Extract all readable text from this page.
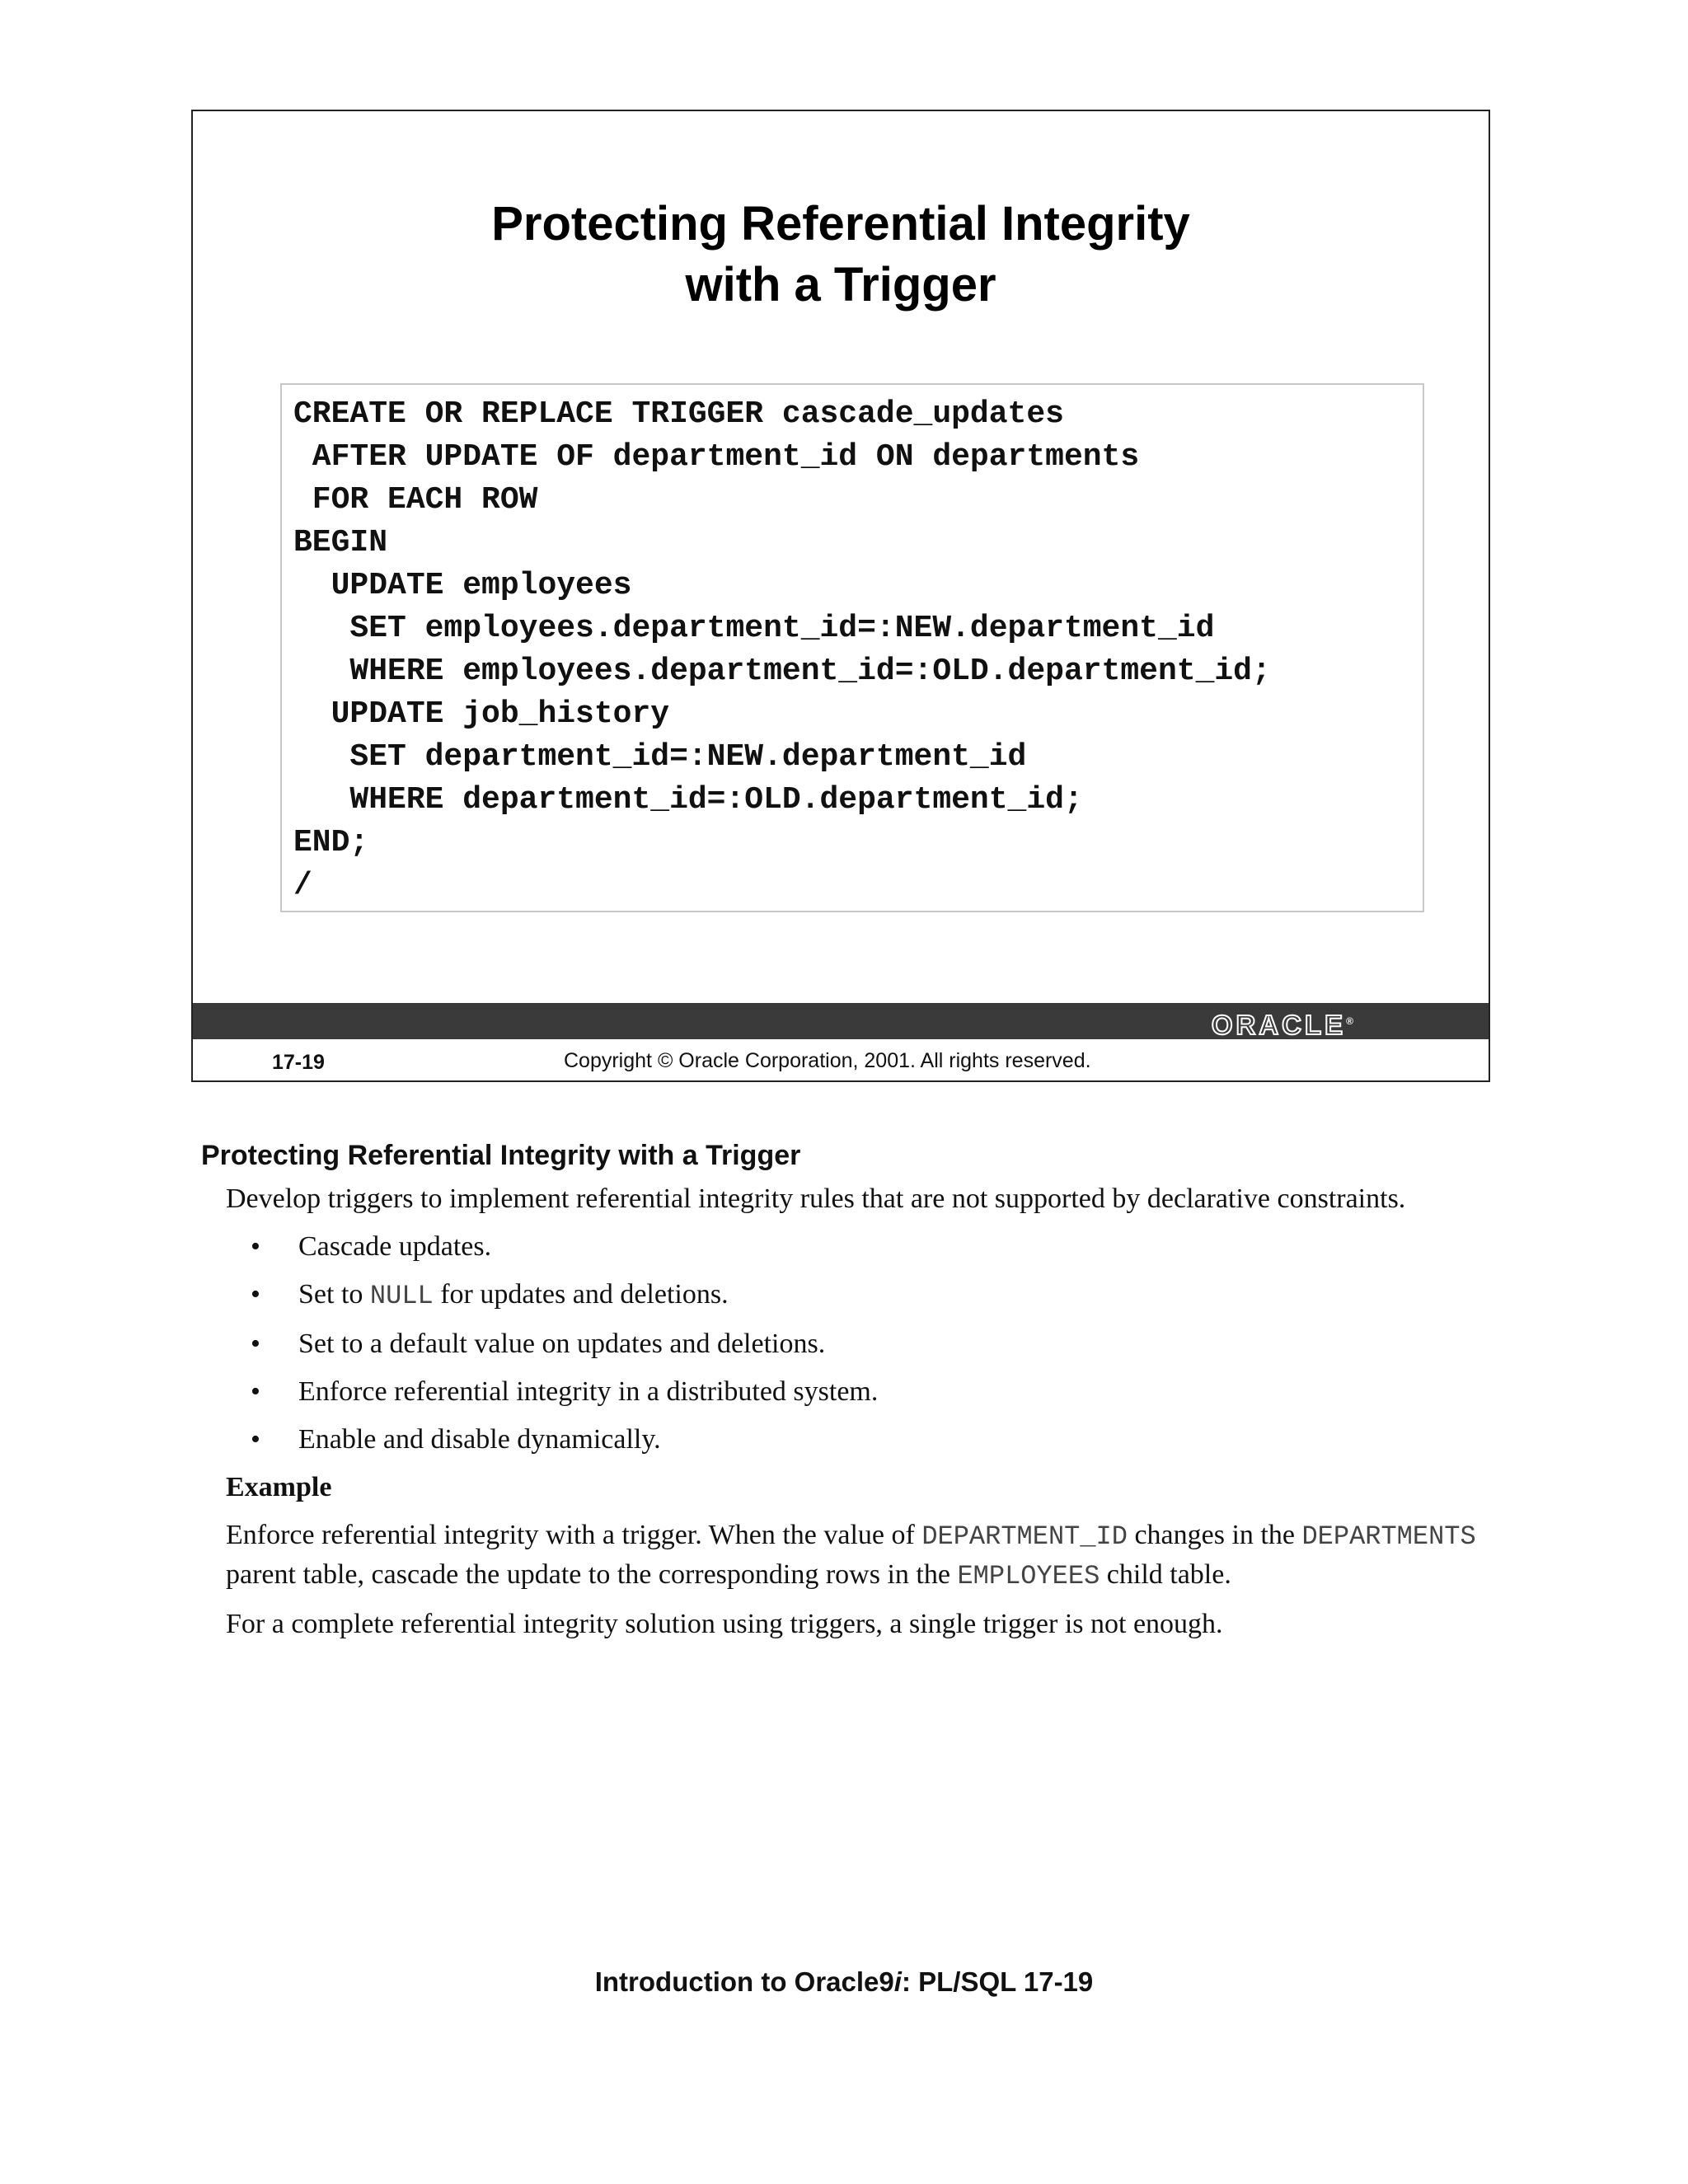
Protecting Referential Integrity
with a Trigger
CREATE OR REPLACE TRIGGER cascade_updates
AFTER UPDATE OF department_id ON departments
FOR EACH ROW
BEGIN
UPDATE employees
SET employees.department_id=:NEW.department_id
WHERE employees.department_id=:OLD.department_id;
UPDATE job_history
SET department_id=:NEW.department_id
WHERE department_id=:OLD.department_id;
END;
/
ORACLE®
17-19	Copyright © Oracle Corporation, 2001. All rights reserved.
Protecting Referential Integrity with a Trigger

Develop triggers to implement referential integrity rules that are not supported by declarative constraints.

• Cascade updates.
• Set to NULL for updates and deletions.
• Set to a default value on updates and deletions.
• Enforce referential integrity in a distributed system.
• Enable and disable dynamically.
Example

Enforce referential integrity with a trigger. When the value of DEPARTMENT_ID changes in the DEPARTMENTS parent table, cascade the update to the corresponding rows in the EMPLOYEES child table.

For a complete referential integrity solution using triggers, a single trigger is not enough.

Introduction to Oracle9i: PL/SQL 17-19
